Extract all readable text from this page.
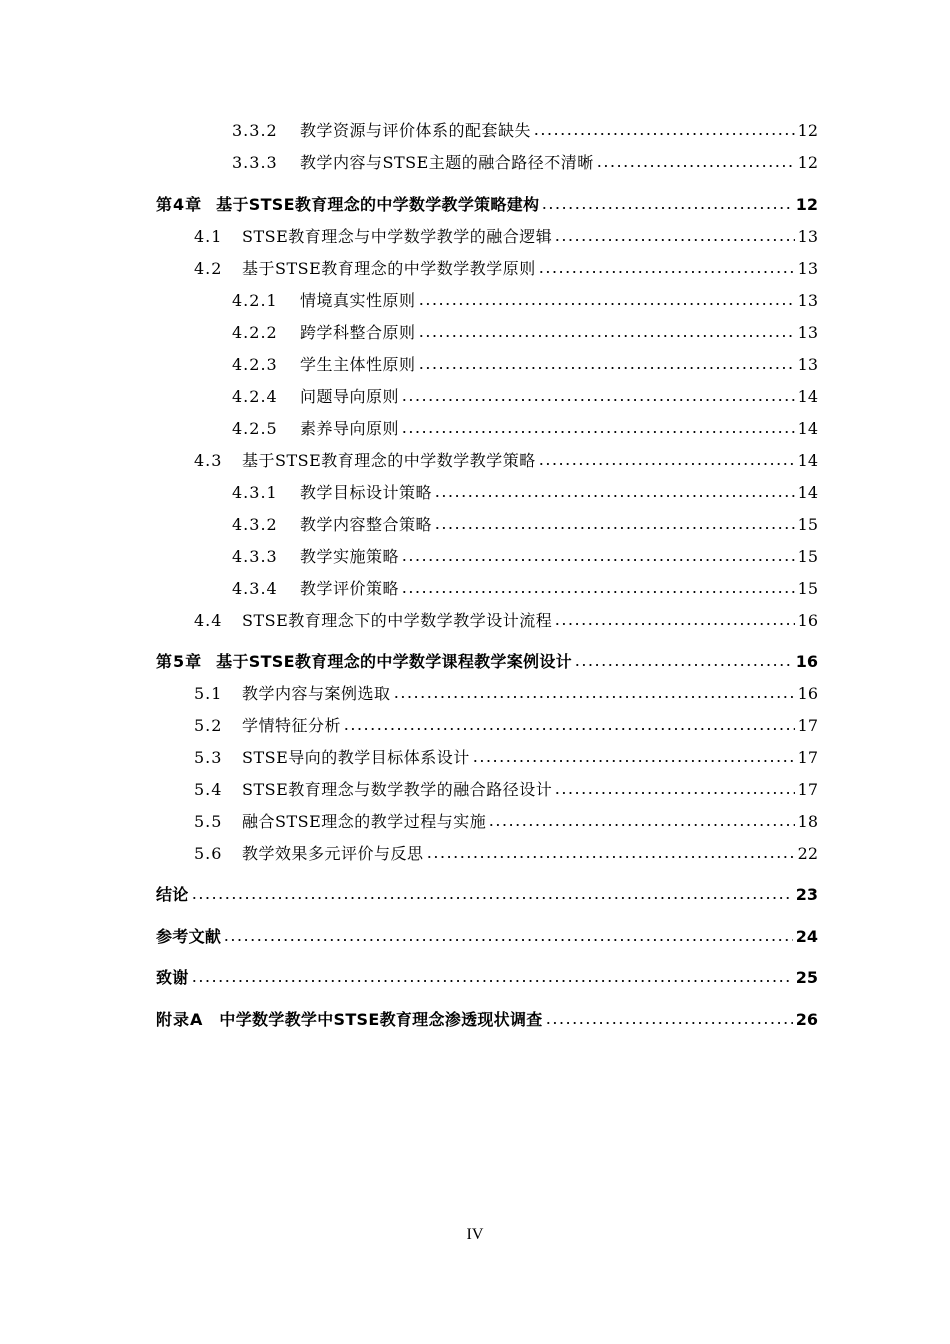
3.3.2	教学资源与评价体系的配套缺失	12
3.3.3	教学内容与STSE主题的融合路径不清晰	12
第4章 基于STSE教育理念的中学数学教学策略建构	12
4.1	STSE教育理念与中学数学教学的融合逻辑	13
4.2	基于STSE教育理念的中学数学教学原则	13
4.2.1	情境真实性原则	13
4.2.2	跨学科整合原则	13
4.2.3	学生主体性原则	13
4.2.4	问题导向原则	14
4.2.5	素养导向原则	14
4.3	基于STSE教育理念的中学数学教学策略	14
4.3.1	教学目标设计策略	14
4.3.2	教学内容整合策略	15
4.3.3	教学实施策略	15
4.3.4	教学评价策略	15
4.4	STSE教育理念下的中学数学教学设计流程	16
第5章 基于STSE教育理念的中学数学课程教学案例设计	16
5.1	教学内容与案例选取	16
5.2	学情特征分析	17
5.3	STSE导向的教学目标体系设计	17
5.4	STSE教育理念与数学教学的融合路径设计	17
5.5	融合STSE理念的教学过程与实施	18
5.6	教学效果多元评价与反思	22
结论	23
参考文献	24
致谢	25
附录A 中学数学教学中STSE教育理念渗透现状调查	26
IV
